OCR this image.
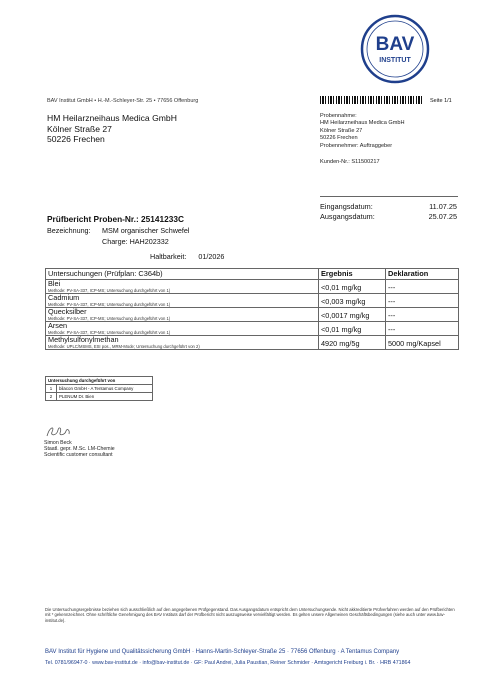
BAV
INSTITUT
BAV Institut GmbH • H.-M.-Schleyer-Str. 25 • 77656 Offenburg	Seite 1/1
HM Heilarzneihaus Medica GmbH
Kölner Straße 27
50226 Frechen
Probennahme:
HM Heilarzneihaus Medica GmbH
Kölner Straße 27
50226 Frechen
Probennehmer: Auftraggeber
Kunden-Nr.: S11500217
Eingangsdatum:	11.07.25
Ausgangsdatum:	25.07.25
Prüfbericht Proben-Nr.: 25141233C
Bezeichnung: MSM organischer Schwefel
Charge: HAH202332

Haltbarkeit: 01/2026
Untersuchungen (Prüfplan: C364b)	Ergebnis	Deklaration

Blei
Methode: PV-SA-337, ICP-MS; Untersuchung durchgeführt von 1)	<0,01 mg/kg	---

Cadmium
Methode: PV-SA-337, ICP-MS; Untersuchung durchgeführt von 1)	<0,003 mg/kg	---

Quecksilber
Methode: PV-SA-337, ICP-MS; Untersuchung durchgeführt von 1)	<0,0017 mg/kg	---

Arsen
Methode: PV-SA-337, ICP-MS; Untersuchung durchgeführt von 1)	<0,01 mg/kg	---

Methylsulfonylmethan
Methode: UPLC/MSMS, ESI pos., MRM-Mode; Untersuchung durchgeführt von 2)	4920 mg/5g	5000 mg/Kapsel
Untersuchung durchgeführt von	
1	bilacon GmbH - A Tentamus Company
2	PLENUM Dr. Bien
Simon Beck
Staatl. gepr. M.Sc. LM-Chemie
Scientific customer consultant
Die Untersuchungsergebnisse beziehen sich ausschließlich auf den angegebenen Prüfgegenstand. Das Ausgangsdatum entspricht dem Untersuchungsende. Nicht akkreditierte Prüfverfahren werden auf den Prüfberichten mit * gekennzeichnet. Ohne schriftliche Genehmigung des BAV Instituts darf der Prüfbericht nicht auszugsweise vervielfältigt werden. Es gelten unsere Allgemeinen Geschäftsbedingungen (siehe auch unter www.bav-institut.de).
BAV Institut für Hygiene und Qualitätssicherung GmbH · Hanns-Martin-Schleyer-Straße 25 · 77656 Offenburg · A Tentamus Company
Tel. 0781/96947-0 · www.bav-institut.de · info@bav-institut.de · GF: Paul Andrei, Julia Paustian, Reiner Schmider · Amtsgericht Freiburg i. Br. · HRB 471864
